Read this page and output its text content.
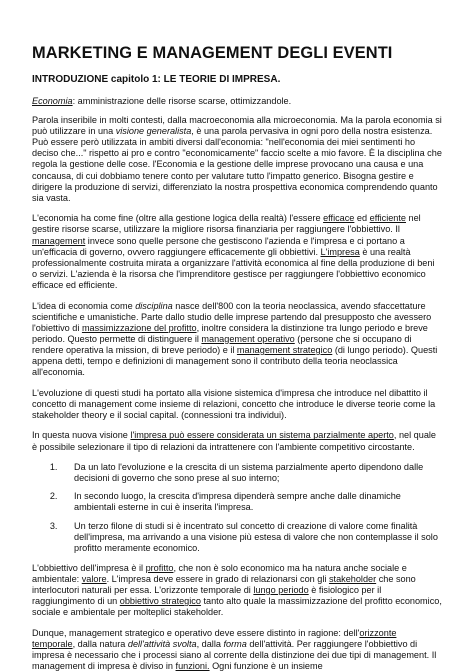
MARKETING E MANAGEMENT DEGLI EVENTI
INTRODUZIONE capitolo 1: LE TEORIE DI IMPRESA.

Economia: amministrazione delle risorse scarse, ottimizzandole.

Parola inseribile in molti contesti, dalla macroeconomia alla microeconomia. Ma la parola economia si può utilizzare in una visione generalista, è una parola pervasiva in ogni poro della nostra esistenza. Può essere però utilizzata in ambiti diversi dall'economia: "nell'economia dei miei sentimenti ho deciso che..." rispetto ai pro e contro "economicamente" faccio scelte a mio favore. È la disciplina che regola la gestione delle cose. l'Economia e la gestione delle imprese provocano una causa e una concausa, di cui dobbiamo tenere conto per valutare tutto l'impatto generico. Bisogna gestire e dirigere la produzione di servizi, differenziato la nostra prospettiva economica comprendendo quanto sia vasta.

L'economia ha come fine (oltre alla gestione logica della realtà) l'essere efficace ed efficiente nel gestire risorse scarse, utilizzare la migliore risorsa finanziaria per raggiungere l'obbiettivo. Il management invece sono quelle persone che gestiscono l'azienda e l'impresa e ci portano a un'efficacia di governo, ovvero raggiungere efficacemente gli obbiettivi. L'impresa è una realtà professionalmente costruita mirata a organizzare l'attività economica al fine della produzione di beni o servizi. L'azienda è la risorsa che l'imprenditore gestisce per raggiungere l'obbiettivo economico efficace ed efficiente.

L'idea di economia come disciplina nasce dell'800 con la teoria neoclassica, avendo sfaccettature scientifiche e umanistiche. Parte dallo studio delle imprese partendo dal presupposto che avessero l'obiettivo di massimizzazione del profitto, inoltre considera la distinzione tra lungo periodo e breve periodo. Questo permette di distinguere il management operativo (persone che si occupano di rendere operativa la mission, di breve periodo) e il management strategico (di lungo periodo). Questi appena detti, tempo e definizioni di management sono il contributo della teoria neoclassica all'economia.

L'evoluzione di questi studi ha portato alla visione sistemica d'impresa che introduce nel dibattito il concetto di management come insieme di relazioni, concetto che introduce le diverse teorie come la stakeholder theory e il social capital. (connessioni tra individui).

In questa nuova visione l'impresa può essere considerata un sistema parzialmente aperto, nel quale è possibile selezionare il tipo di relazioni da intrattenere con l'ambiente competitivo circostante.

1. Da un lato l'evoluzione e la crescita di un sistema parzialmente aperto dipendono dalle decisioni di governo che sono prese al suo interno;
2. In secondo luogo, la crescita d'impresa dipenderà sempre anche dalle dinamiche ambientali esterne in cui è inserita l'impresa.
3. Un terzo filone di studi si è incentrato sul concetto di creazione di valore come finalità dell'impresa, ma arrivando a una visione più estesa di valore che non contemplasse il solo profitto meramente economico.

L'obbiettivo dell'impresa è il profitto, che non è solo economico ma ha natura anche sociale e ambientale: valore. L'impresa deve essere in grado di relazionarsi con gli stakeholder che sono interlocutori naturali per essa. L'orizzonte temporale di lungo periodo è fisiologico per il raggiungimento di un obbiettivo strategico tanto alto quale la massimizzazione del profitto economico, sociale e ambientale per molteplici stakeholder.

Dunque, management strategico e operativo deve essere distinto in ragione: dell'orizzonte temporale, dalla natura dell'attività svolta, dalla forma dell'attività. Per raggiungere l'obbiettivo di impresa è necessario che i processi siano al corrente della distinzione dei due tipi di management. Il management di impresa è diviso in funzioni. Ogni funzione è un insieme
